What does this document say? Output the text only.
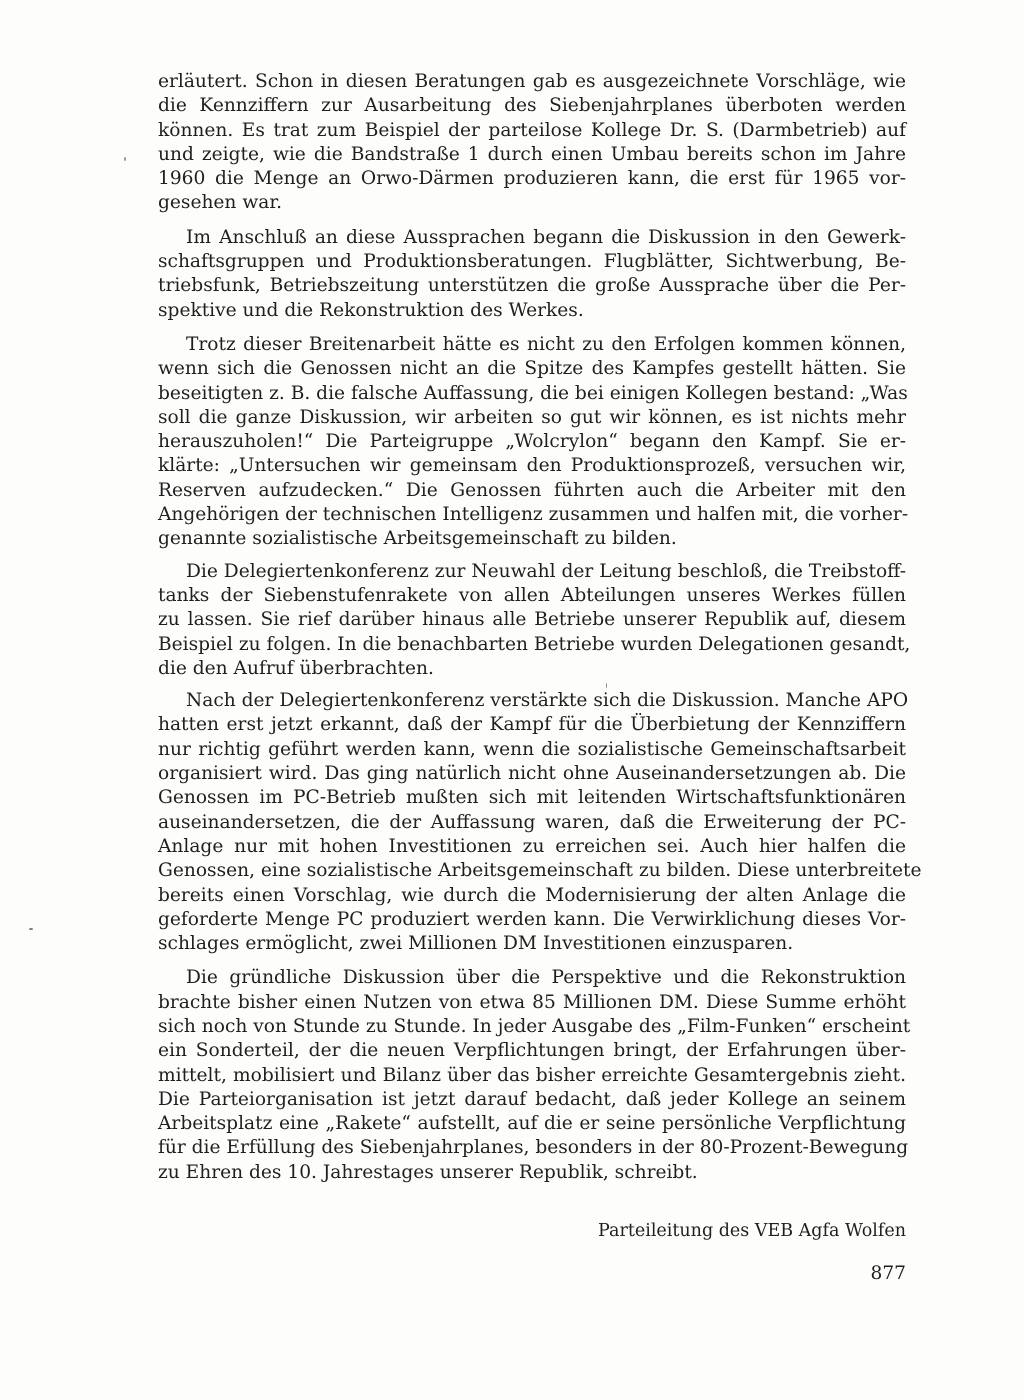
erläutert. Schon in diesen Beratungen gab es ausgezeichnete Vorschläge, wie
die Kennziffern zur Ausarbeitung des Siebenjahrplanes überboten werden
können. Es trat zum Beispiel der parteilose Kollege Dr. S. (Darmbetrieb) auf
und zeigte, wie die Bandstraße 1 durch einen Umbau bereits schon im Jahre
1960 die Menge an Orwo-Därmen produzieren kann, die erst für 1965 vor-
gesehen war.
Im Anschluß an diese Aussprachen begann die Diskussion in den Gewerk-
schaftsgruppen und Produktionsberatungen. Flugblätter, Sichtwerbung, Be-
triebsfunk, Betriebszeitung unterstützen die große Aussprache über die Per-
spektive und die Rekonstruktion des Werkes.
Trotz dieser Breitenarbeit hätte es nicht zu den Erfolgen kommen können,
wenn sich die Genossen nicht an die Spitze des Kampfes gestellt hätten. Sie
beseitigten z. B. die falsche Auffassung, die bei einigen Kollegen bestand: „Was
soll die ganze Diskussion, wir arbeiten so gut wir können, es ist nichts mehr
herauszuholen!“ Die Parteigruppe „Wolcrylon“ begann den Kampf. Sie er-
klärte: „Untersuchen wir gemeinsam den Produktionsprozeß, versuchen wir,
Reserven aufzudecken.“ Die Genossen führten auch die Arbeiter mit den
Angehörigen der technischen Intelligenz zusammen und halfen mit, die vorher-
genannte sozialistische Arbeitsgemeinschaft zu bilden.
Die Delegiertenkonferenz zur Neuwahl der Leitung beschloß, die Treibstoff-
tanks der Siebenstufenrakete von allen Abteilungen unseres Werkes füllen
zu lassen. Sie rief darüber hinaus alle Betriebe unserer Republik auf, diesem
Beispiel zu folgen. In die benachbarten Betriebe wurden Delegationen gesandt,
die den Aufruf überbrachten.
Nach der Delegiertenkonferenz verstärkte sich die Diskussion. Manche APO
hatten erst jetzt erkannt, daß der Kampf für die Überbietung der Kennziffern
nur richtig geführt werden kann, wenn die sozialistische Gemeinschaftsarbeit
organisiert wird. Das ging natürlich nicht ohne Auseinandersetzungen ab. Die
Genossen im PC-Betrieb mußten sich mit leitenden Wirtschaftsfunktionären
auseinandersetzen, die der Auffassung waren, daß die Erweiterung der PC-
Anlage nur mit hohen Investitionen zu erreichen sei. Auch hier halfen die
Genossen, eine sozialistische Arbeitsgemeinschaft zu bilden. Diese unterbreitete
bereits einen Vorschlag, wie durch die Modernisierung der alten Anlage die
geforderte Menge PC produziert werden kann. Die Verwirklichung dieses Vor-
schlages ermöglicht, zwei Millionen DM Investitionen einzusparen.
Die gründliche Diskussion über die Perspektive und die Rekonstruktion
brachte bisher einen Nutzen von etwa 85 Millionen DM. Diese Summe erhöht
sich noch von Stunde zu Stunde. In jeder Ausgabe des „Film-Funken“ erscheint
ein Sonderteil, der die neuen Verpflichtungen bringt, der Erfahrungen über-
mittelt, mobilisiert und Bilanz über das bisher erreichte Gesamtergebnis zieht.
Die Parteiorganisation ist jetzt darauf bedacht, daß jeder Kollege an seinem
Arbeitsplatz eine „Rakete“ aufstellt, auf die er seine persönliche Verpflichtung
für die Erfüllung des Siebenjahrplanes, besonders in der 80-Prozent-Bewegung
zu Ehren des 10. Jahrestages unserer Republik, schreibt.
Parteileitung des VEB Agfa Wolfen
877
